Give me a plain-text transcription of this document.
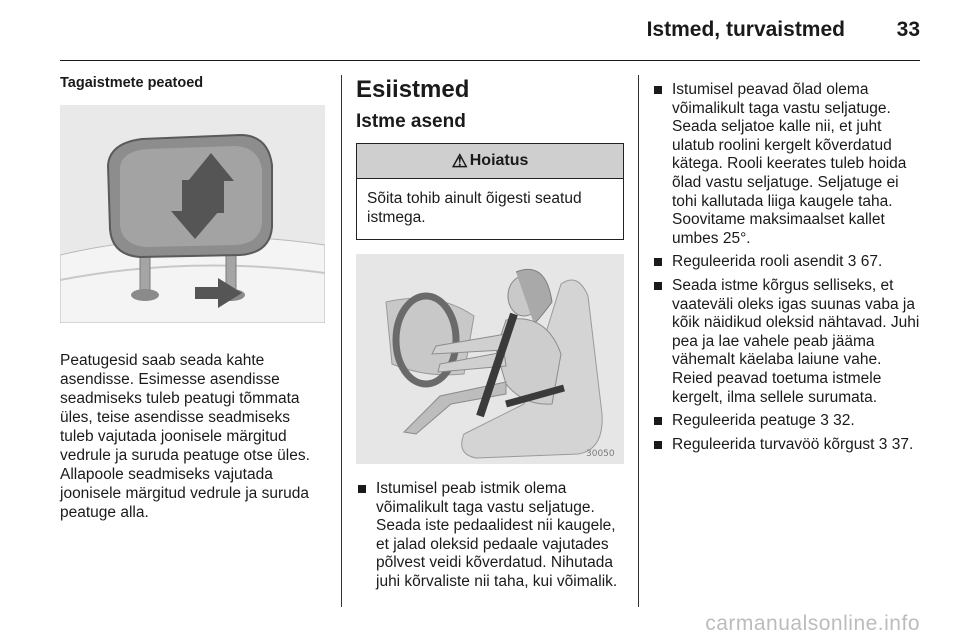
Istmed, turvaistmed 33
Tagaistmete peatoed

Peatugesid saab seada kahte asendisse. Esimesse asendisse seadmiseks tuleb peatugi tõmmata üles, teise asendisse seadmiseks tuleb vajutada joonisele märgitud vedrule ja suruda peatuge otse üles. Allapoole seadmiseks vajutada joonisele märgitud vedrule ja suruda peatuge alla.

Esiistmed
Istme asend
⚠ Hoiatus
Sõita tohib ainult õigesti seatud istmega.
30050
Istumisel peab istmik olema võimalikult taga vastu seljatuge. Seada iste pedaalidest nii kaugele, et jalad oleksid pedaale vajutades põlvest veidi kõverdatud. Nihutada juhi kõrvaliste nii taha, kui võimalik.
Istumisel peavad õlad olema võimalikult taga vastu seljatuge. Seada seljatoe kalle nii, et juht ulatub roolini kergelt kõverdatud kätega. Rooli keerates tuleb hoida õlad vastu seljatuge. Seljatuge ei tohi kallutada liiga kaugele taha. Soovitame maksimaalset kallet umbes 25°.
Reguleerida rooli asendit 3 67.
Seada istme kõrgus selliseks, et vaateväli oleks igas suunas vaba ja kõik näidikud oleksid nähtavad. Juhi pea ja lae vahele peab jääma vähemalt käelaba laiune vahe. Reied peavad toetuma istmele kergelt, ilma sellele surumata.
Reguleerida peatuge 3 32.
Reguleerida turvavöö kõrgust 3 37.
carmanualsonline.info
